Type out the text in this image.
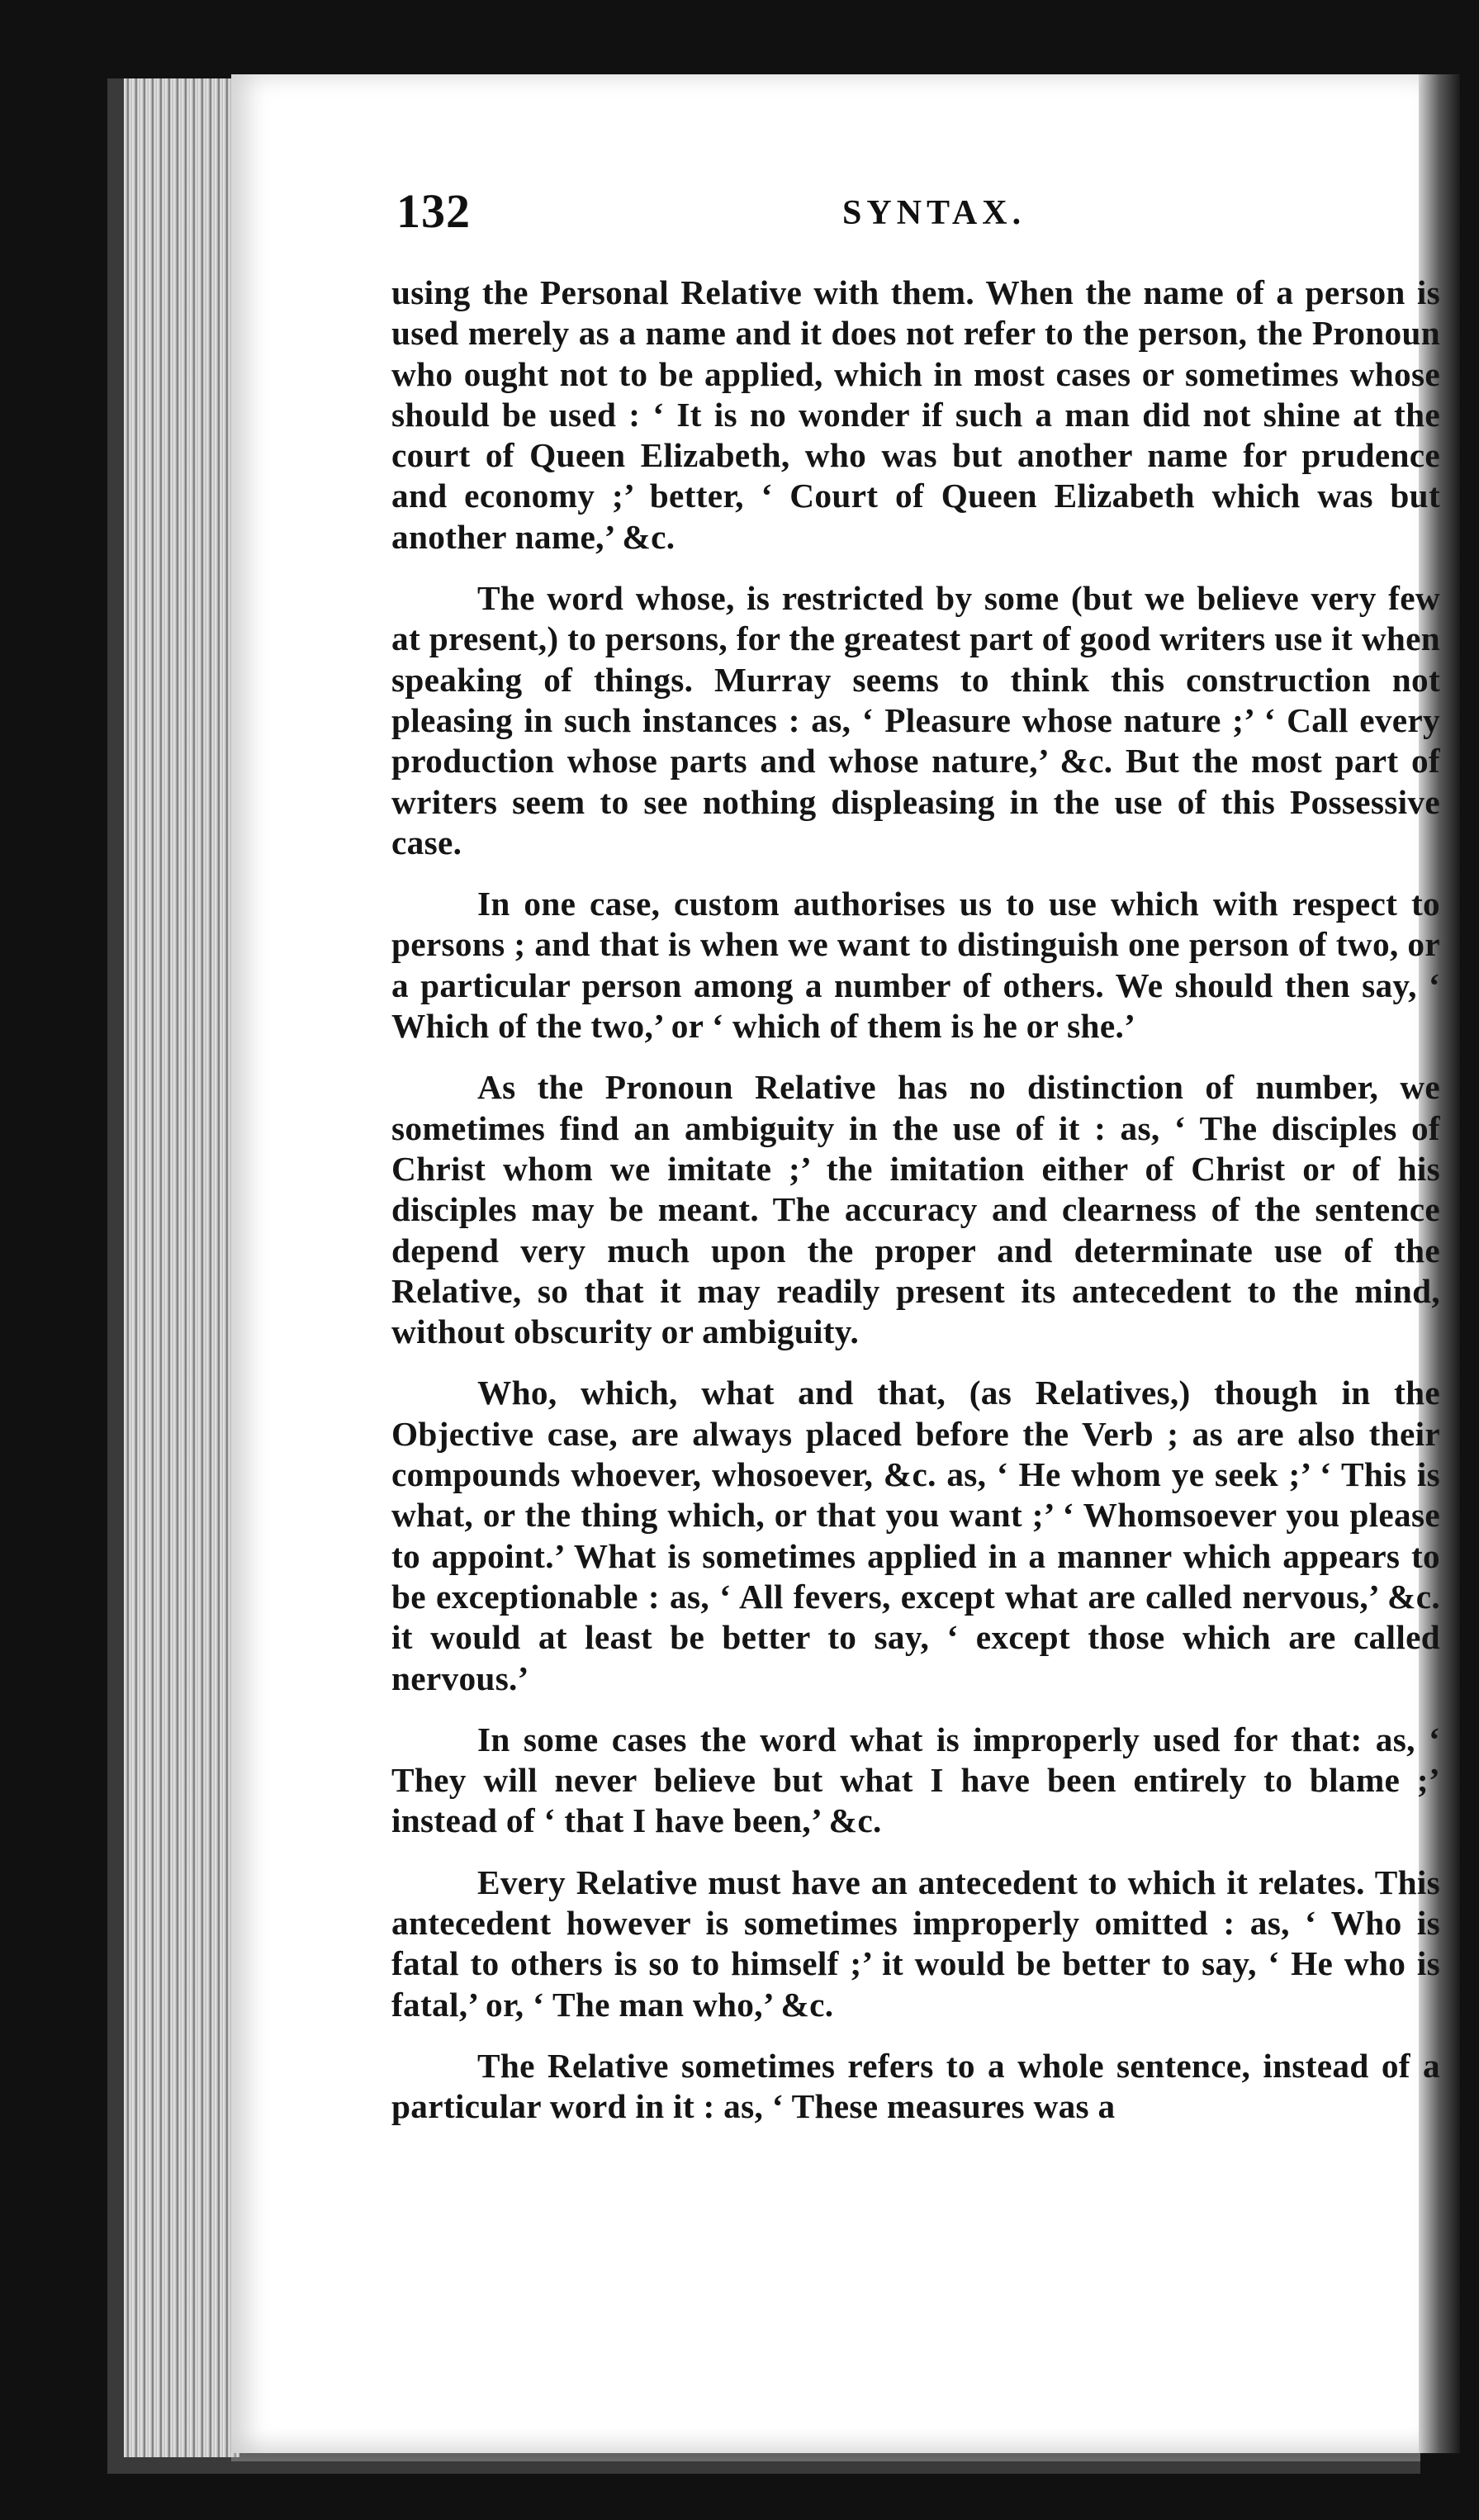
132	SYNTAX.

using the Personal Relative with them. When the name of a person is used merely as a name and it does not refer to the person, the Pronoun who ought not to be applied, which in most cases or sometimes whose should be used : ‘ It is no wonder if such a man did not shine at the court of Queen Elizabeth, who was but another name for prudence and economy ;’ better, ‘ Court of Queen Elizabeth which was but another name,’ &c.

The word whose, is restricted by some (but we believe very few at present,) to persons, for the greatest part of good writers use it when speaking of things. Murray seems to think this construction not pleasing in such instances : as, ‘ Pleasure whose nature ;’ ‘ Call every production whose parts and whose nature,’ &c. But the most part of writers seem to see nothing displeasing in the use of this Possessive case.

In one case, custom authorises us to use which with respect to persons ; and that is when we want to distinguish one person of two, or a particular person among a number of others. We should then say, ‘ Which of the two,’ or ‘ which of them is he or she.’

As the Pronoun Relative has no distinction of number, we sometimes find an ambiguity in the use of it : as, ‘ The disciples of Christ whom we imitate ;’ the imitation either of Christ or of his disciples may be meant. The accuracy and clearness of the sentence depend very much upon the proper and determinate use of the Relative, so that it may readily present its antecedent to the mind, without obscurity or ambiguity.

Who, which, what and that, (as Relatives,) though in the Objective case, are always placed before the Verb ; as are also their compounds whoever, whosoever, &c. as, ‘ He whom ye seek ;’ ‘ This is what, or the thing which, or that you want ;’ ‘ Whomsoever you please to appoint.’ What is sometimes applied in a manner which appears to be exceptionable : as, ‘ All fevers, except what are called nervous,’ &c. it would at least be better to say, ‘ except those which are called nervous.’

In some cases the word what is improperly used for that: as, ‘ They will never believe but what I have been entirely to blame ;’ instead of ‘ that I have been,’ &c.

Every Relative must have an antecedent to which it relates. This antecedent however is sometimes improperly omitted : as, ‘ Who is fatal to others is so to himself ;’ it would be better to say, ‘ He who is fatal,’ or, ‘ The man who,’ &c.

The Relative sometimes refers to a whole sentence, instead of a particular word in it : as, ‘ These measures was a
